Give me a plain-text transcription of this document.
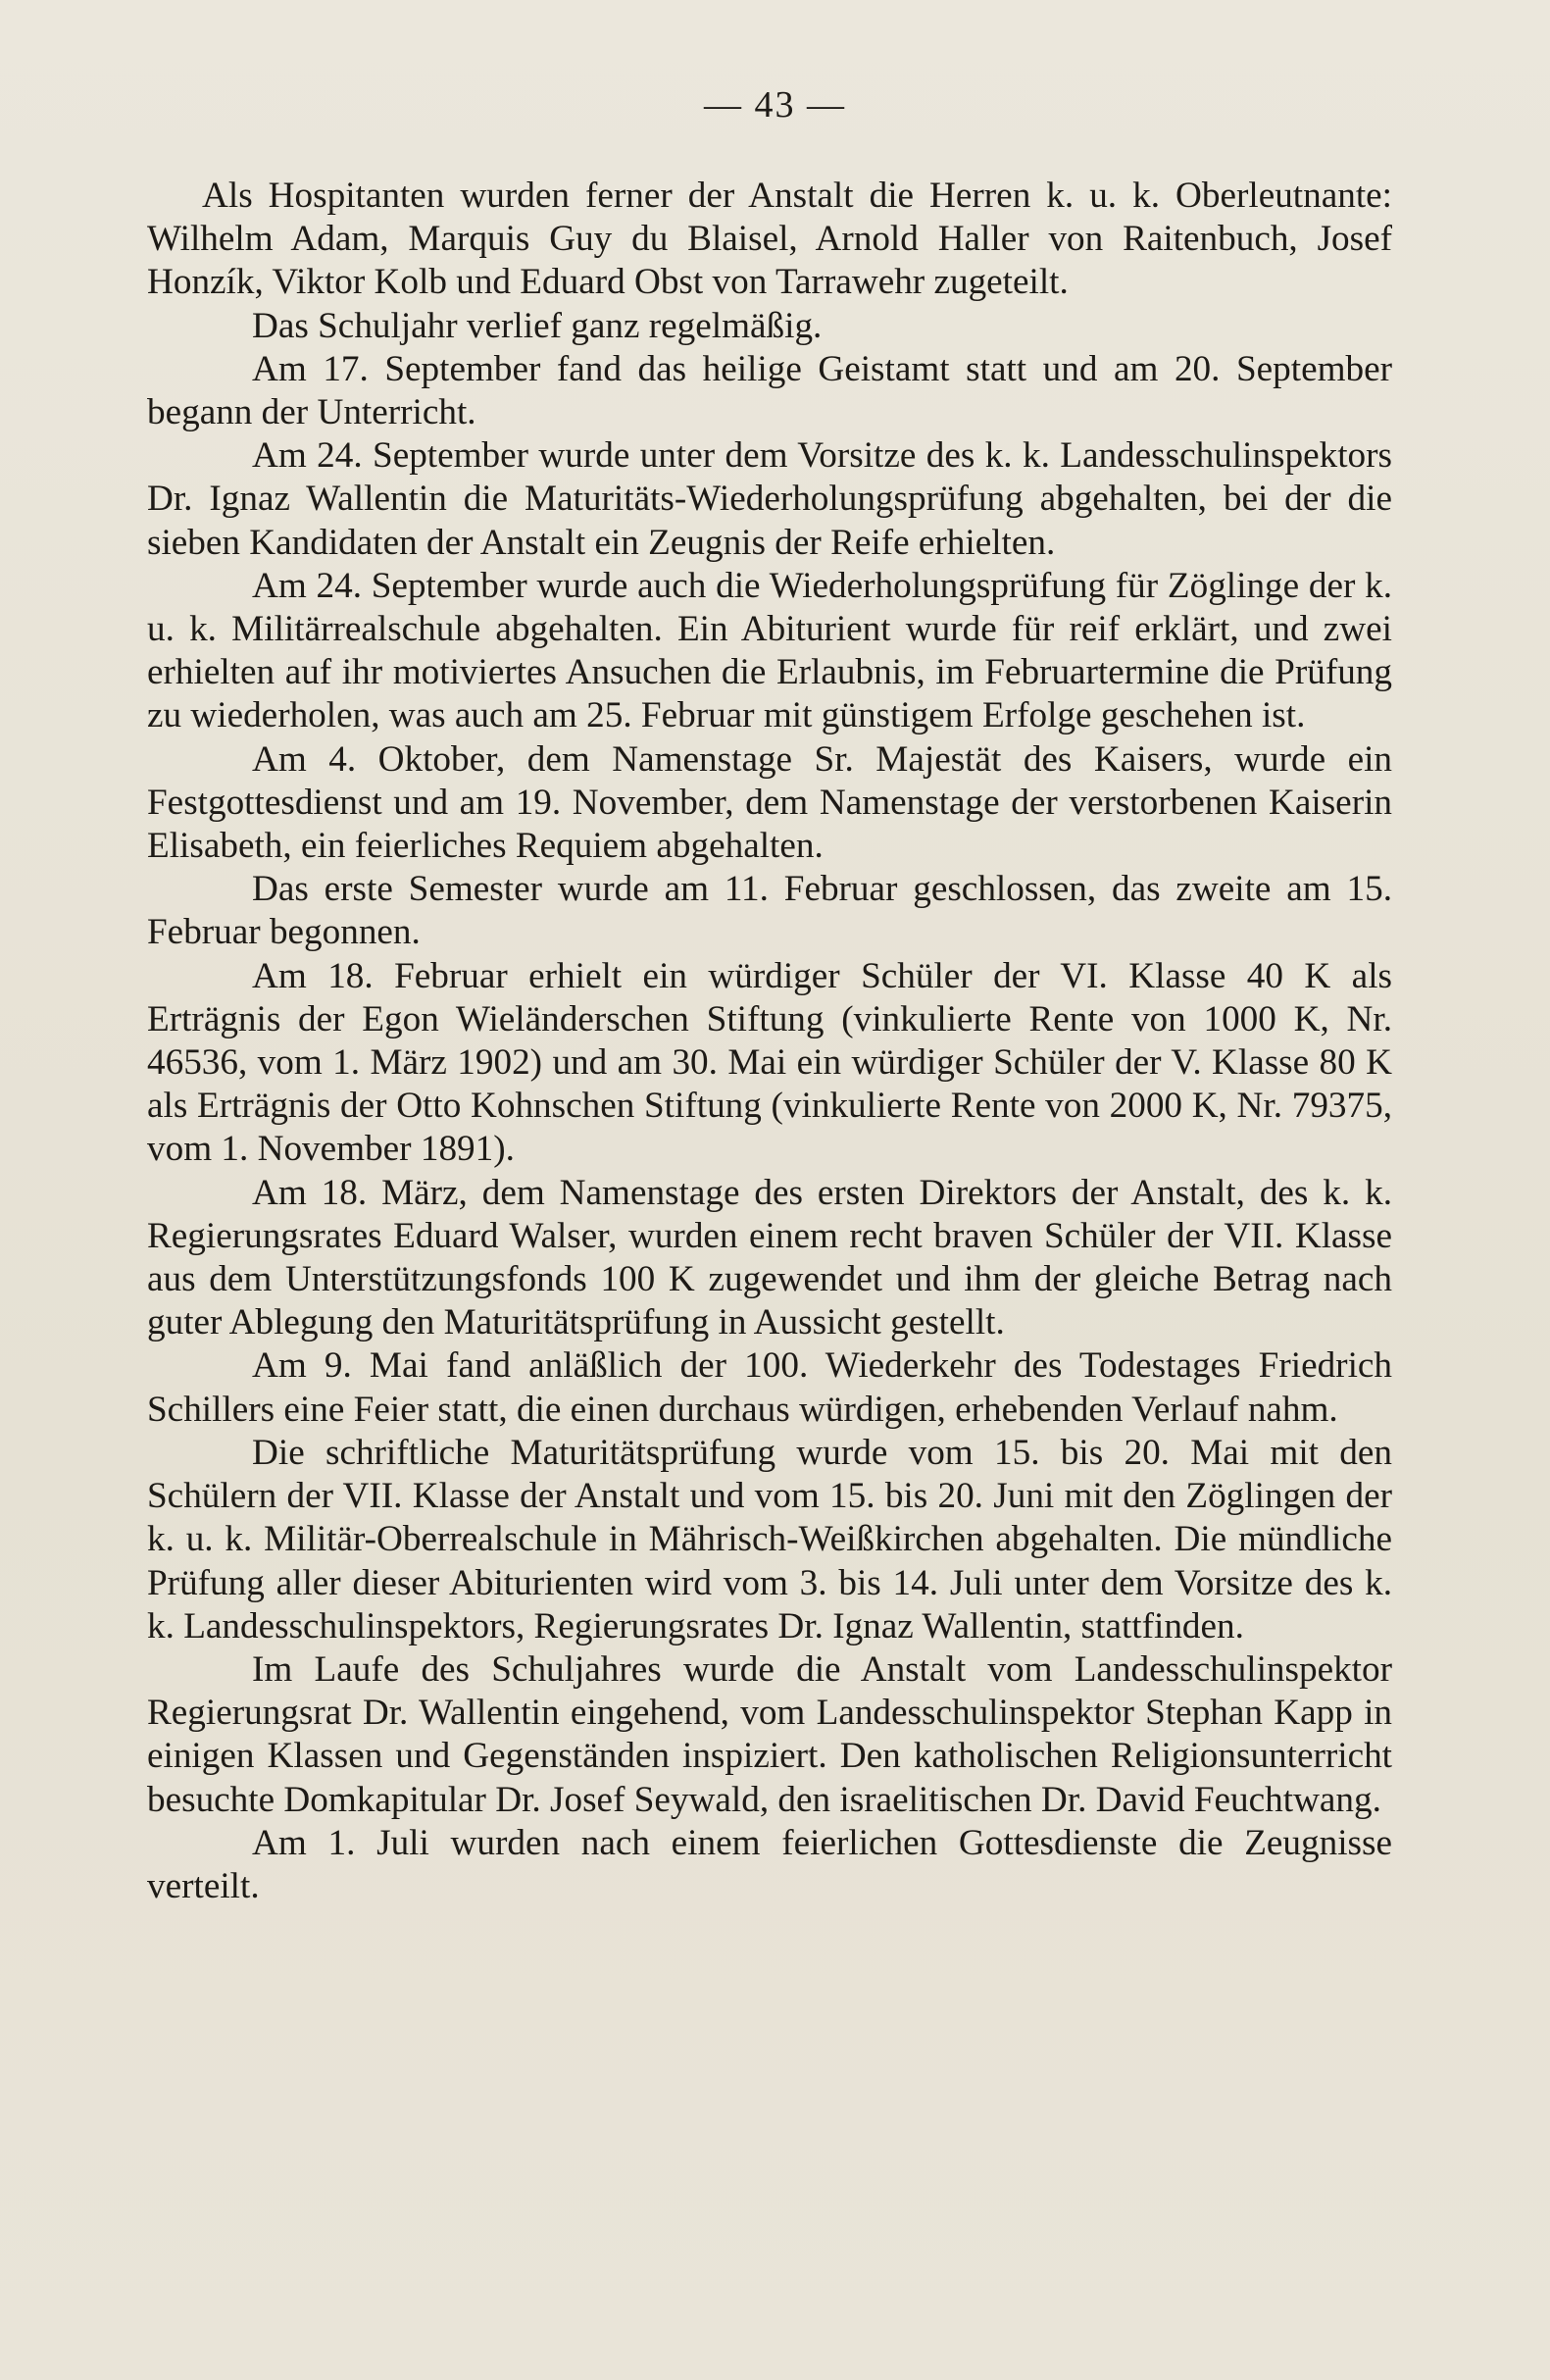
— 43 —

Als Hospitanten wurden ferner der Anstalt die Herren k. u. k. Oberleutnante: Wilhelm Adam, Marquis Guy du Blaisel, Arnold Haller von Raitenbuch, Josef Honzík, Viktor Kolb und Eduard Obst von Tarrawehr zugeteilt.

Das Schuljahr verlief ganz regelmäßig.

Am 17. September fand das heilige Geistamt statt und am 20. September begann der Unterricht.

Am 24. September wurde unter dem Vorsitze des k. k. Landesschulinspektors Dr. Ignaz Wallentin die Maturitäts-Wiederholungsprüfung abgehalten, bei der die sieben Kandidaten der Anstalt ein Zeugnis der Reife erhielten.

Am 24. September wurde auch die Wiederholungsprüfung für Zöglinge der k. u. k. Militärrealschule abgehalten. Ein Abiturient wurde für reif erklärt, und zwei erhielten auf ihr motiviertes Ansuchen die Erlaubnis, im Februartermine die Prüfung zu wiederholen, was auch am 25. Februar mit günstigem Erfolge geschehen ist.

Am 4. Oktober, dem Namenstage Sr. Majestät des Kaisers, wurde ein Festgottesdienst und am 19. November, dem Namenstage der verstorbenen Kaiserin Elisabeth, ein feierliches Requiem abgehalten.

Das erste Semester wurde am 11. Februar geschlossen, das zweite am 15. Februar begonnen.

Am 18. Februar erhielt ein würdiger Schüler der VI. Klasse 40 K als Erträgnis der Egon Wieländerschen Stiftung (vinkulierte Rente von 1000 K, Nr. 46536, vom 1. März 1902) und am 30. Mai ein würdiger Schüler der V. Klasse 80 K als Erträgnis der Otto Kohnschen Stiftung (vinkulierte Rente von 2000 K, Nr. 79375, vom 1. November 1891).

Am 18. März, dem Namenstage des ersten Direktors der Anstalt, des k. k. Regierungsrates Eduard Walser, wurden einem recht braven Schüler der VII. Klasse aus dem Unterstützungsfonds 100 K zugewendet und ihm der gleiche Betrag nach guter Ablegung den Maturitätsprüfung in Aussicht gestellt.

Am 9. Mai fand anläßlich der 100. Wiederkehr des Todestages Friedrich Schillers eine Feier statt, die einen durchaus würdigen, erhebenden Verlauf nahm.

Die schriftliche Maturitätsprüfung wurde vom 15. bis 20. Mai mit den Schülern der VII. Klasse der Anstalt und vom 15. bis 20. Juni mit den Zöglingen der k. u. k. Militär-Oberrealschule in Mährisch-Weißkirchen abgehalten. Die mündliche Prüfung aller dieser Abiturienten wird vom 3. bis 14. Juli unter dem Vorsitze des k. k. Landesschulinspektors, Regierungsrates Dr. Ignaz Wallentin, stattfinden.

Im Laufe des Schuljahres wurde die Anstalt vom Landesschulinspektor Regierungsrat Dr. Wallentin eingehend, vom Landesschulinspektor Stephan Kapp in einigen Klassen und Gegenständen inspiziert. Den katholischen Religionsunterricht besuchte Domkapitular Dr. Josef Seywald, den israelitischen Dr. David Feuchtwang.

Am 1. Juli wurden nach einem feierlichen Gottesdienste die Zeugnisse verteilt.
